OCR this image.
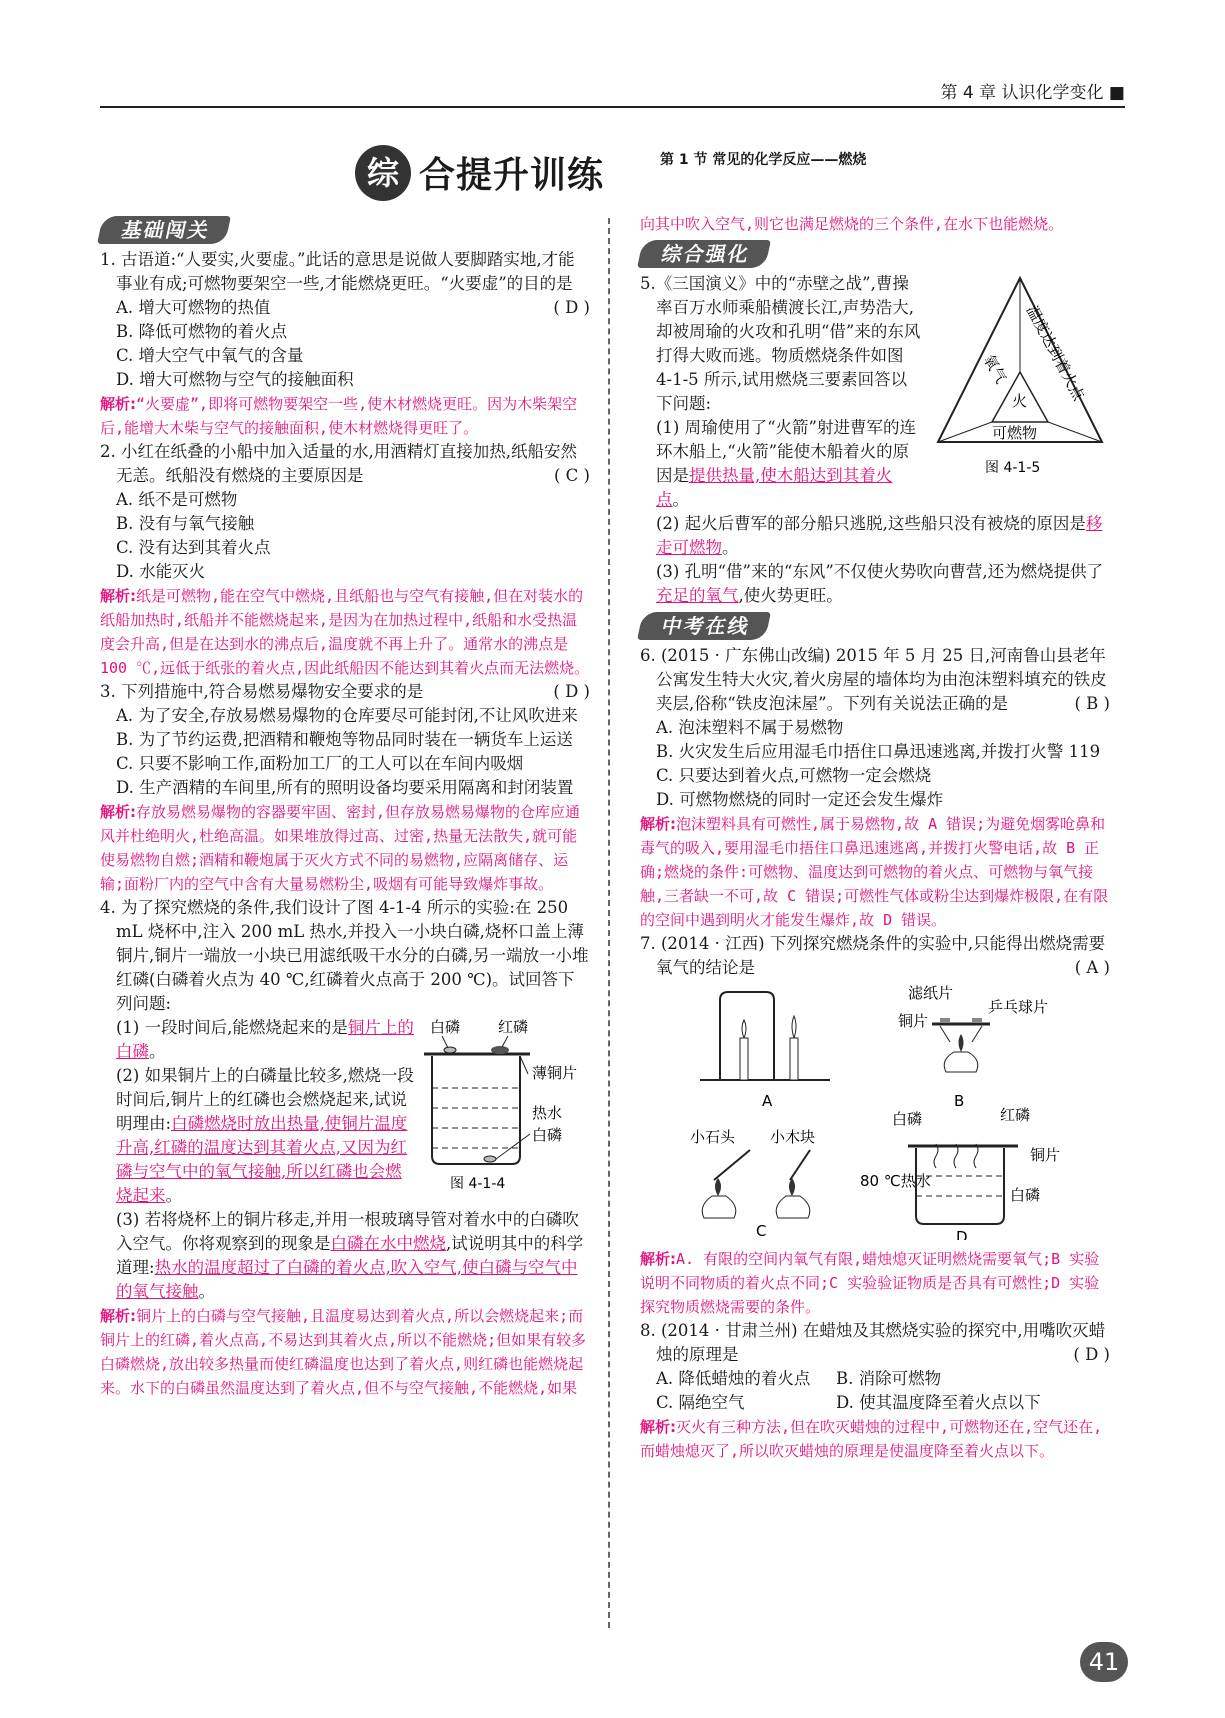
第 4 章 认识化学变化 ■
综 合提升训练	第 1 节 常见的化学反应——燃烧
基础闯关

1. 古语道:“人要实,火要虚。”此话的意思是说做人要脚踏实地,才能事业有成;可燃物要架空一些,才能燃烧更旺。“火要虚”的目的是
( D )

A. 增大可燃物的热值

B. 降低可燃物的着火点

C. 增大空气中氧气的含量

D. 增大可燃物与空气的接触面积

解析:“火要虚”,即将可燃物要架空一些,使木材燃烧更旺。因为木柴架空后,能增大木柴与空气的接触面积,使木材燃烧得更旺了。

2. 小红在纸叠的小船中加入适量的水,用酒精灯直接加热,纸船安然无恙。纸船没有燃烧的主要原因是	( C )

A. 纸不是可燃物

B. 没有与氧气接触

C. 没有达到其着火点

D. 水能灭火

解析:纸是可燃物,能在空气中燃烧,且纸船也与空气有接触,但在对装水的纸船加热时,纸船并不能燃烧起来,是因为在加热过程中,纸船和水受热温度会升高,但是在达到水的沸点后,温度就不再上升了。通常水的沸点是 100 ℃,远低于纸张的着火点,因此纸船因不能达到其着火点而无法燃烧。

3. 下列措施中,符合易燃易爆物安全要求的是	( D )

A. 为了安全,存放易燃易爆物的仓库要尽可能封闭,不让风吹进来

B. 为了节约运费,把酒精和鞭炮等物品同时装在一辆货车上运送

C. 只要不影响工作,面粉加工厂的工人可以在车间内吸烟

D. 生产酒精的车间里,所有的照明设备均要采用隔离和封闭装置

解析:存放易燃易爆物的容器要牢固、密封,但存放易燃易爆物的仓库应通风并杜绝明火,杜绝高温。如果堆放得过高、过密,热量无法散失,就可能使易燃物自燃;酒精和鞭炮属于灭火方式不同的易燃物,应隔离储存、运输;面粉厂内的空气中含有大量易燃粉尘,吸烟有可能导致爆炸事故。

4. 为了探究燃烧的条件,我们设计了图 4-1-4 所示的实验:在 250 mL 烧杯中,注入 200 mL 热水,并投入一小块白磷,烧杯口盖上薄铜片,铜片一端放一小块已用滤纸吸干水分的白磷,另一端放一小堆红磷(白磷着火点为 40 ℃,红磷着火点高于 200 ℃)。试回答下列问题:

白磷	红磷
薄铜片
热水
白磷
图 4-1-4

(1) 一段时间后,能燃烧起来的是铜片上的白磷。

(2) 如果铜片上的白磷量比较多,燃烧一段时间后,铜片上的红磷也会燃烧起来,试说明理由:白磷燃烧时放出热量,使铜片温度升高,红磷的温度达到其着火点,又因为红磷与空气中的氧气接触,所以红磷也会燃烧起来。

(3) 若将烧杯上的铜片移走,并用一根玻璃导管对着水中的白磷吹入空气。你将观察到的现象是白磷在水中燃烧,试说明其中的科学道理:热水的温度超过了白磷的着火点,吹入空气,使白磷与空气中的氧气接触。

解析:铜片上的白磷与空气接触,且温度易达到着火点,所以会燃烧起来;而铜片上的红磷,着火点高,不易达到其着火点,所以不能燃烧;但如果有较多白磷燃烧,放出较多热量而使红磷温度也达到了着火点,则红磷也能燃烧起来。水下的白磷虽然温度达到了着火点,但不与空气接触,不能燃烧,如果

向其中吹入空气,则它也满足燃烧的三个条件,在水下也能燃烧。

综合强化
氧气 温度达到着火点
火
可燃物
图 4-1-5

5.《三国演义》中的“赤壁之战”,曹操率百万水师乘船横渡长江,声势浩大,却被周瑜的火攻和孔明“借”来的东风打得大败而逃。物质燃烧条件如图 4-1-5 所示,试用燃烧三要素回答以下问题:

(1) 周瑜使用了“火箭”射进曹军的连环木船上,“火箭”能使木船着火的原因是提供热量,使木船达到其着火点。

(2) 起火后曹军的部分船只逃脱,这些船只没有被烧的原因是移走可燃物。

(3) 孔明“借”来的“东风”不仅使火势吹向曹营,还为燃烧提供了充足的氧气,使火势更旺。

中考在线

6. (2015 · 广东佛山改编) 2015 年 5 月 25 日,河南鲁山县老年公寓发生特大火灾,着火房屋的墙体均为由泡沫塑料填充的铁皮夹层,俗称“铁皮泡沫屋”。下列有关说法正确的是	( B )

A. 泡沫塑料不属于易燃物

B. 火灾发生后应用湿毛巾捂住口鼻迅速逃离,并拨打火警 119

C. 只要达到着火点,可燃物一定会燃烧

D. 可燃物燃烧的同时一定还会发生爆炸

解析:泡沫塑料具有可燃性,属于易燃物,故 A 错误;为避免烟雾呛鼻和毒气的吸入,要用湿毛巾捂住口鼻迅速逃离,并拨打火警电话,故 B 正确;燃烧的条件:可燃物、温度达到可燃物的着火点、可燃物与氧气接触,三者缺一不可,故 C 错误;可燃性气体或粉尘达到爆炸极限,在有限的空间中遇到明火才能发生爆炸,故 D 错误。

7. (2014 · 江西) 下列探究燃烧条件的实验中,只能得出燃烧需要氧气的结论是	( A )

A
滤纸片
乒乓球片
铜片
B
小石头 小木块
C
白磷	红磷
铜片
80 ℃热水
白磷
D

解析:A. 有限的空间内氧气有限,蜡烛熄灭证明燃烧需要氧气;B 实验说明不同物质的着火点不同;C 实验验证物质是否具有可燃性;D 实验探究物质燃烧需要的条件。

8. (2014 · 甘肃兰州) 在蜡烛及其燃烧实验的探究中,用嘴吹灭蜡烛的原理是	( D )

A. 降低蜡烛的着火点 B. 消除可燃物

C. 隔绝空气	D. 使其温度降至着火点以下

解析:灭火有三种方法,但在吹灭蜡烛的过程中,可燃物还在,空气还在,而蜡烛熄灭了,所以吹灭蜡烛的原理是使温度降至着火点以下。

41
